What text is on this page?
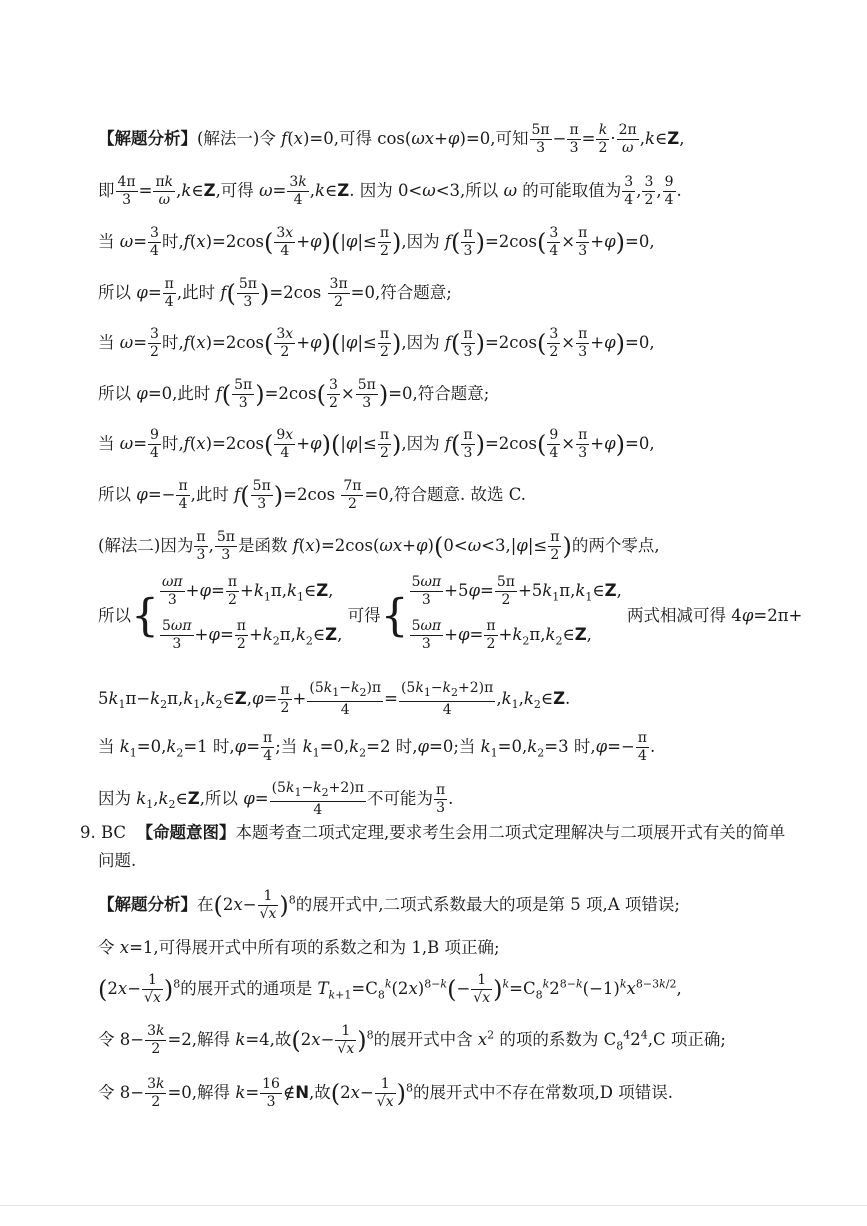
【解题分析】(解法一)令 f(x)=0,可得 cos(ωx+φ)=0,可知 $\frac{5\pi}{3} - \frac{\pi}{3} = \frac{k}{2} \cdot \frac{2\pi}{\omega}$ ,k∈Z,
即 $\frac{4\pi}{3} = \frac{\pi k}{\omega}$ ,k∈Z,可得 $\omega= \frac{3k}{4}$ ,k∈Z. 因为 0<ω<3,所以 ω 的可能取值为 $\frac{3}{4}$ , $\frac{3}{2}$ , $\frac{9}{4}$ .
当 $\omega= \frac{3}{4}$ 时$,f(x)=2\cos( \frac{3x}{4} +\varphi)(|\varphi|\le \frac{\pi}{2}$ ),因为 $f( \frac{\pi}{3} )=2\cos( \frac{3}{4} \times \frac{\pi}{3} +\varphi)=0$,
所以 $\varphi= \frac{\pi}{4}$ ,此时 $f( \frac{5\pi}{3} )=2\cos \frac{3\pi}{2} =0$,符合题意;
当 $\omega= \frac{3}{2}$ 时$,f(x)=2\cos( \frac{3x}{2} +\varphi)(|\varphi|\le \frac{\pi}{2}$ ),因为 $f( \frac{\pi}{3} )=2\cos( \frac{3}{2} \times \frac{\pi}{3} +\varphi)=0$,
所以 φ=0,此时 $f( \frac{5\pi}{3} )=2\cos( \frac{3}{2} \times \frac{5\pi}{3} )=0$,符合题意;
当 $\omega= \frac{9}{4}$ 时$,f(x)=2\cos( \frac{9x}{4} +\varphi)(|\varphi|\le \frac{\pi}{2}$ ),因为 $f( \frac{\pi}{3} )=2\cos( \frac{9}{4} \times \frac{\pi}{3} +\varphi)=0$,
所以 $\varphi=- \frac{\pi}{4}$ ,此时 $f( \frac{5\pi}{3} )=2\cos \frac{7\pi}{2} =0$,符合题意. 故选 C.
(解法二)因为 $\frac{\pi}{3}$ , $\frac{5\pi}{3}$ 是函数 $f(x)=2\cos(\omega x+\varphi)(0<\omega<3,|\varphi|\le \frac{\pi}{2}$ )的两个零点,
所以{ $\frac{\omega\pi}{3} +\varphi= \frac{\pi}{2}$ $+k_1\pi,k_1\in Z$,
$\frac{5\omega\pi}{3} +\varphi= \frac{\pi}{2}$ $+k_2\pi,k_2\in Z$,
可得{ $\frac{5\omega\pi}{3} +5\varphi= \frac{5\pi}{2}$ $+5k_1\pi,k_1\in Z$,
$\frac{5\omega\pi}{3} +\varphi= \frac{\pi}{2}$ $+k_2\pi,k_2\in Z$,
两式相减可得 4φ=2π+
$5k_1\pi-k_2\pi,k_1,k_2\in Z,\varphi= \frac{\pi}{2} + \frac{(5k_1-k_2)\pi}{4} = \frac{(5k_1-k_2+2)\pi}{4}$ $,k_1,k_2\in Z$.
当 $k_1=0,k_2=1$ 时$,\varphi= \frac{\pi}{4}$ ;当 $k_1=0,k_2=2$ 时,φ=0;当 $k_1=0,k_2=3$ 时$,\varphi=- \frac{\pi}{4}$ .
因为 $k_1,k_2\in Z$,所以 $\varphi= \frac{(5k_1-k_2+2)\pi}{4}$ 不可能为 $\frac{\pi}{3}$ .
9. BC  【命题意图】本题考查二项式定理,要求考生会用二项式定理解决与二项展开式有关的简单
问题.
【解题分析】在$(2x- \frac{1}{√x} )^8$的展开式中,二项式系数最大的项是第 5 项,A 项错误;
令 x=1,可得展开式中所有项的系数之和为 1,B 项正确;
$(2x- \frac{1}{√x} )^8$的展开式的通项是 $T_{k+1}=C_8^k(2x)^{8-k}(- \frac{1}{√x} )^k=C_8^k2^{8-k}(-1)^kx^{8-3k/2}$,
令 $8- \frac{3k}{2} =2$,解得 k=4,故$(2x- \frac{1}{√x} )^8$的展开式中含 $x^2$ 的项的系数为 $C_8^42^4,C$ 项正确;
令 $8- \frac{3k}{2} =0$,解得 $k= \frac{16}{3}$ ∉N,故$(2x- \frac{1}{√x} )^8$的展开式中不存在常数项,D 项错误.
